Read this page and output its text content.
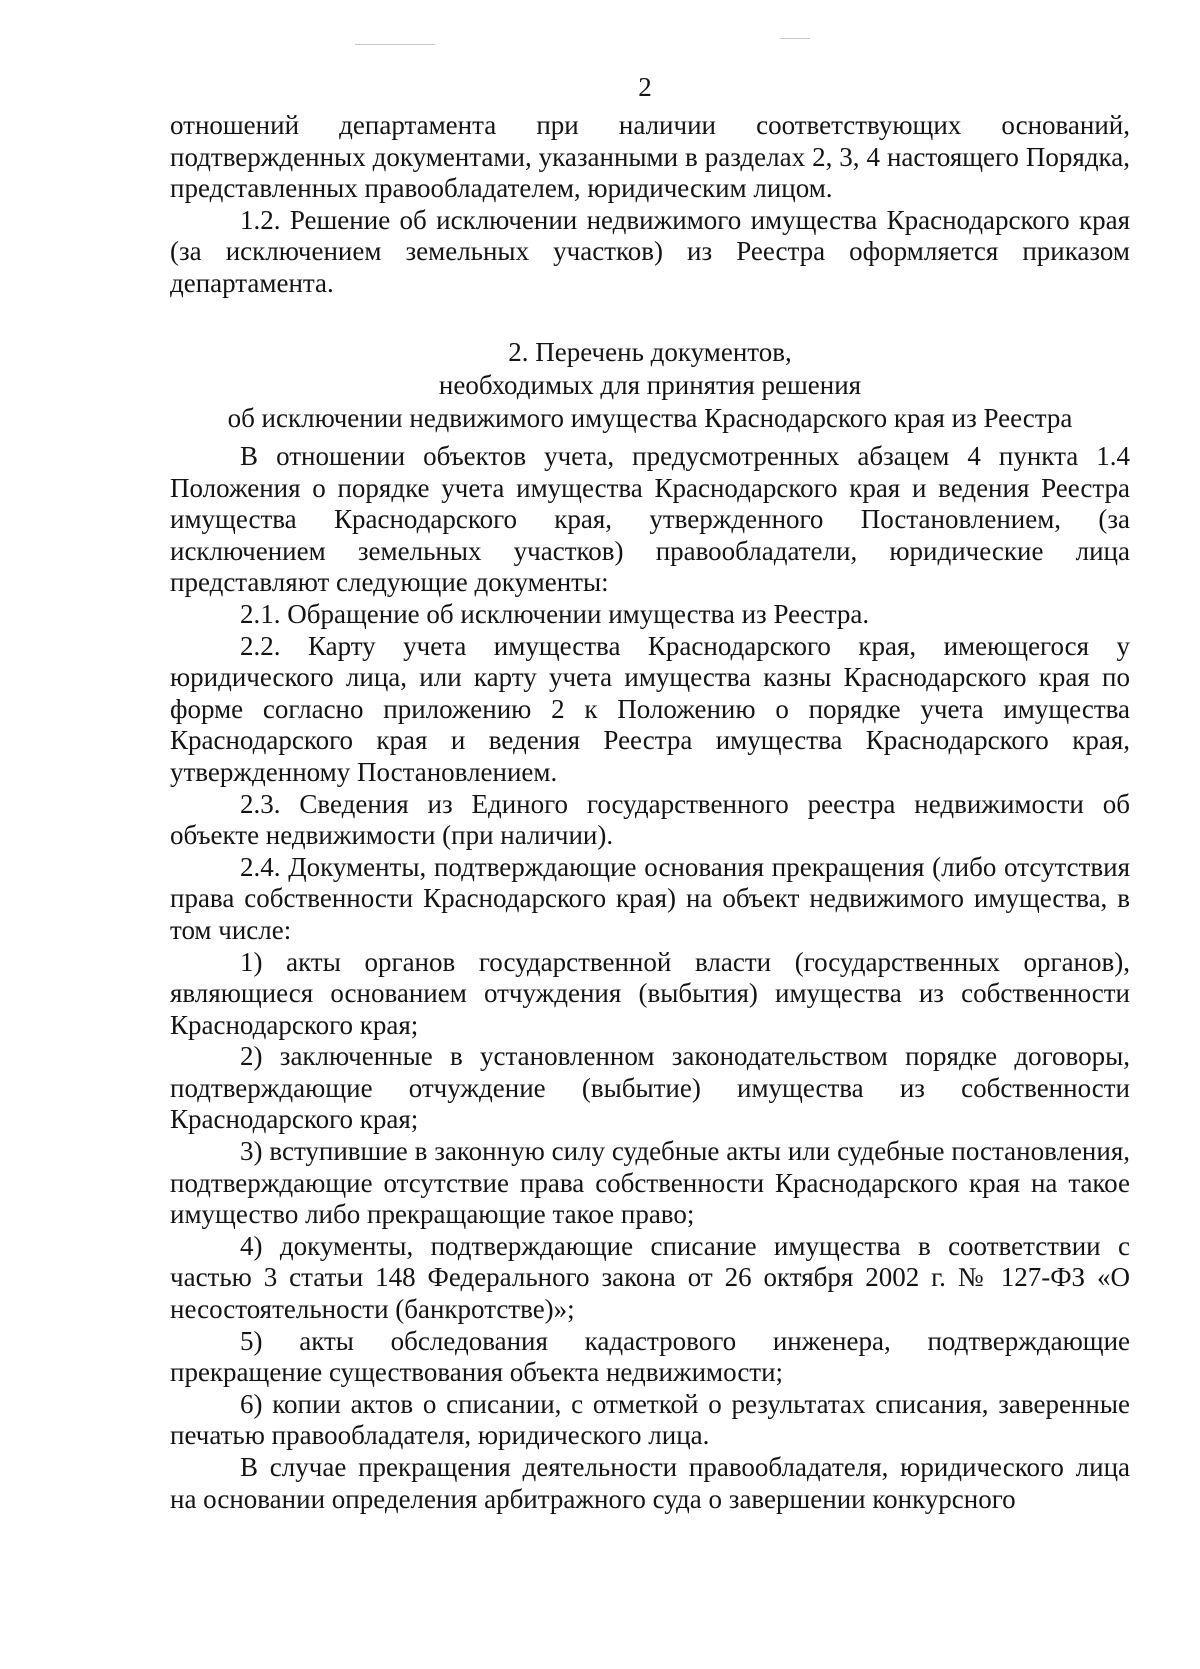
2

отношений департамента при наличии соответствующих оснований, подтвержденных документами, указанными в разделах 2, 3, 4 настоящего Порядка, представленных правообладателем, юридическим лицом.

1.2. Решение об исключении недвижимого имущества Краснодарского края (за исключением земельных участков) из Реестра оформляется приказом департамента.

2. Перечень документов,
необходимых для принятия решения
об исключении недвижимого имущества Краснодарского края из Реестра

В отношении объектов учета, предусмотренных абзацем 4 пункта 1.4 Положения о порядке учета имущества Краснодарского края и ведения Реестра имущества Краснодарского края, утвержденного Постановлением, (за исключением земельных участков) правообладатели, юридические лица представляют следующие документы:

2.1. Обращение об исключении имущества из Реестра.

2.2. Карту учета имущества Краснодарского края, имеющегося у юридического лица, или карту учета имущества казны Краснодарского края по форме согласно приложению 2 к Положению о порядке учета имущества Краснодарского края и ведения Реестра имущества Краснодарского края, утвержденному Постановлением.

2.3. Сведения из Единого государственного реестра недвижимости об объекте недвижимости (при наличии).

2.4. Документы, подтверждающие основания прекращения (либо отсутствия права собственности Краснодарского края) на объект недвижимого имущества, в том числе:

1) акты органов государственной власти (государственных органов), являющиеся основанием отчуждения (выбытия) имущества из собственности Краснодарского края;

2) заключенные в установленном законодательством порядке договоры, подтверждающие отчуждение (выбытие) имущества из собственности Краснодарского края;

3) вступившие в законную силу судебные акты или судебные постановления, подтверждающие отсутствие права собственности Краснодарского края на такое имущество либо прекращающие такое право;

4) документы, подтверждающие списание имущества в соответствии с частью 3 статьи 148 Федерального закона от 26 октября 2002 г. № 127-ФЗ «О несостоятельности (банкротстве)»;

5) акты обследования кадастрового инженера, подтверждающие прекращение существования объекта недвижимости;

6) копии актов о списании, с отметкой о результатах списания, заверенные печатью правообладателя, юридического лица.

В случае прекращения деятельности правообладателя, юридического лица на основании определения арбитражного суда о завершении конкурсного
